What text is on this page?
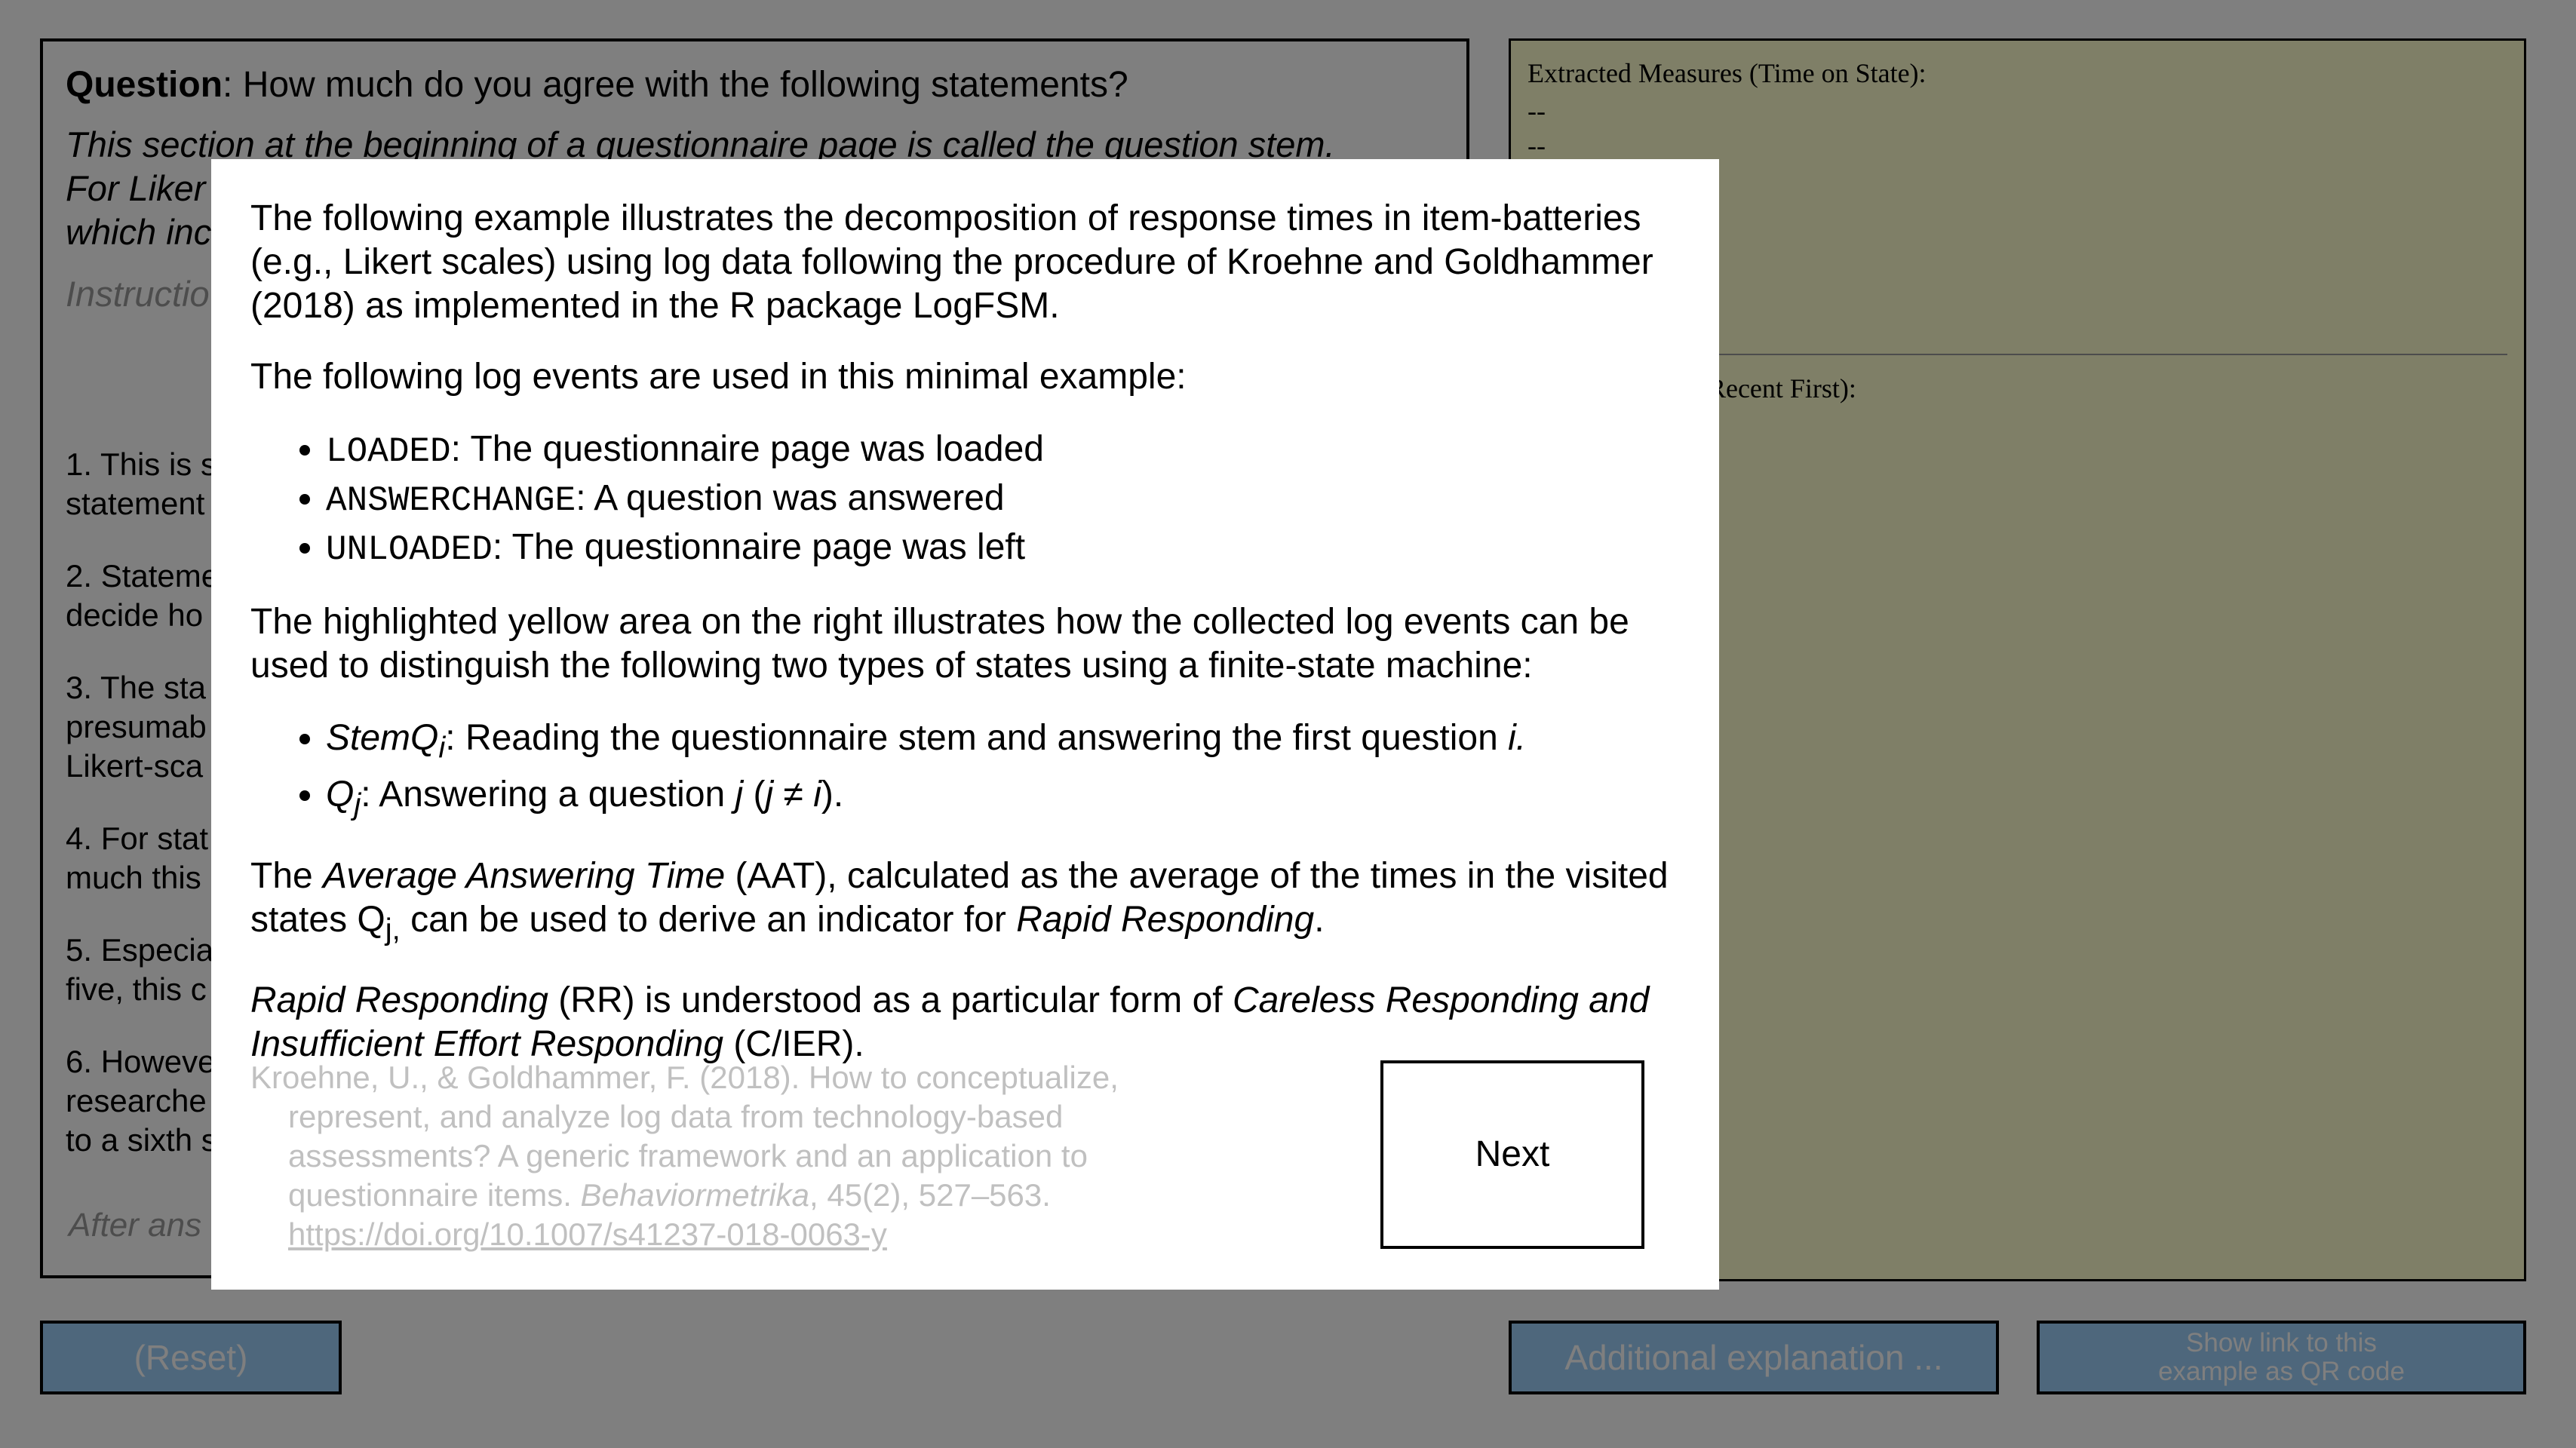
The following example illustrates the decomposition of response times in item-batteries (e.g., Likert scales) using log data following the procedure of Kroehne and Goldhammer (2018) as implemented in the R package LogFSM.

The following log events are used in this minimal example:

• LOADED: The questionnaire page was loaded
• ANSWERCHANGE: A question was answered
• UNLOADED: The questionnaire page was left

The highlighted yellow area on the right illustrates how the collected log events can be used to distinguish the following two types of states using a finite-state machine:

• StemQ$_i$: Reading the questionnaire stem and answering the first question i.
• $Q_j$: Answering a question j (j ≠ i).

The Average Answering Time (AAT), calculated as the average of the times in the visited states $Q_{j,}$ can be used to derive an indicator for Rapid Responding.

Rapid Responding (RR) is understood as a particular form of Careless Responding and Insufficient Effort Responding (C/IER).

Kroehne, U., & Goldhammer, F. (2018). How to conceptualize, represent, and analyze log data from technology-based assessments? A generic framework and an application to questionnaire items. Behaviormetrika, 45(2), 527–563. https://doi.org/10.1007/s41237-018-0063-y
Next
